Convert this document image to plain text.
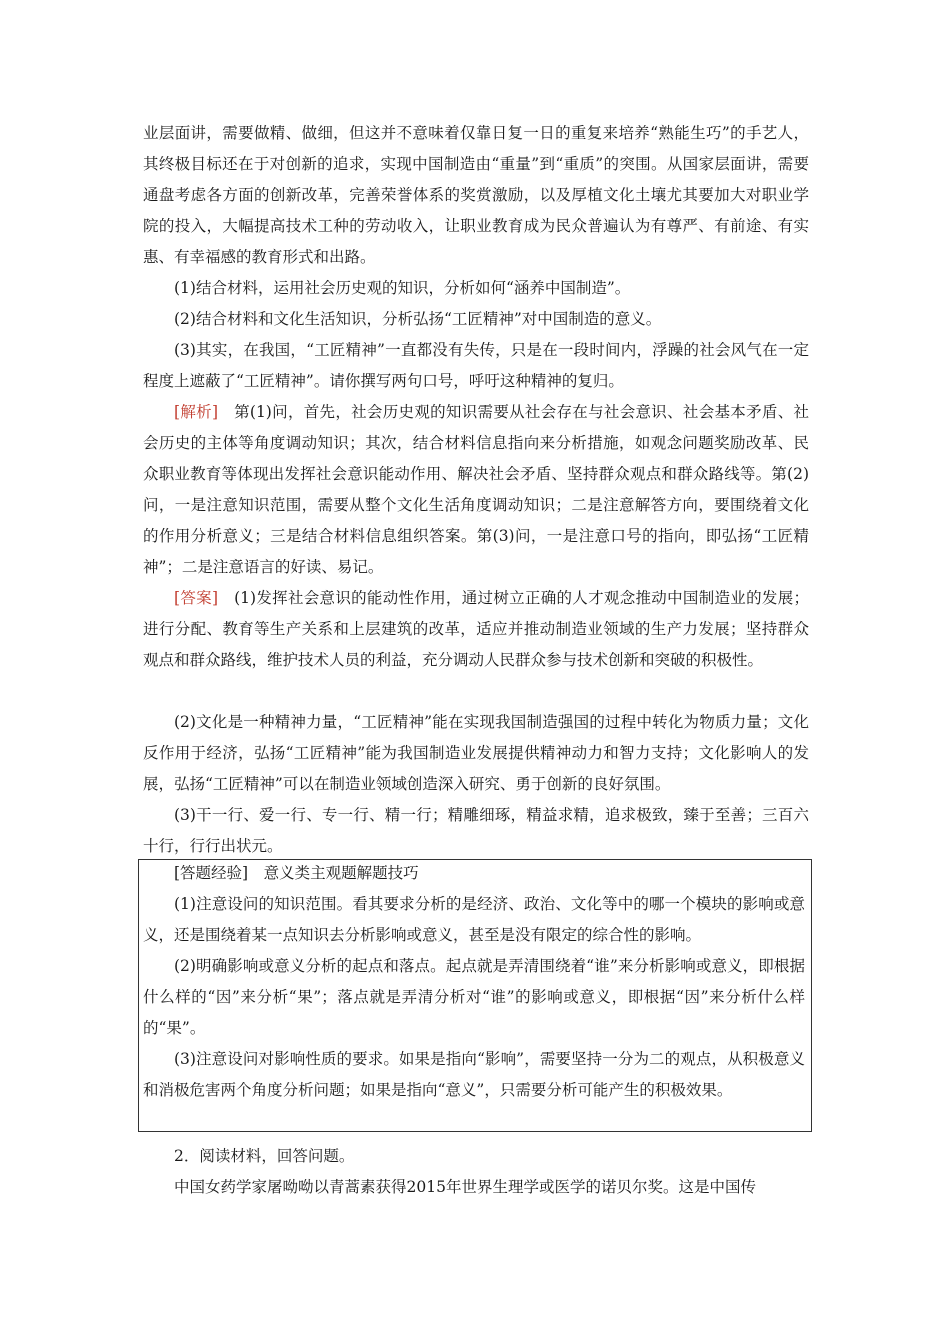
业层面讲，需要做精、做细，但这并不意味着仅靠日复一日的重复来培养“熟能生巧”的手艺人，其终极目标还在于对创新的追求，实现中国制造由“重量”到“重质”的突围。从国家层面讲，需要通盘考虑各方面的创新改革，完善荣誉体系的奖赏激励，以及厚植文化土壤尤其要加大对职业学院的投入，大幅提高技术工种的劳动收入，让职业教育成为民众普遍认为有尊严、有前途、有实惠、有幸福感的教育形式和出路。
(1)结合材料，运用社会历史观的知识，分析如何“涵养中国制造”。
(2)结合材料和文化生活知识，分析弘扬“工匠精神”对中国制造的意义。
(3)其实，在我国，“工匠精神”一直都没有失传，只是在一段时间内，浮躁的社会风气在一定程度上遮蔽了“工匠精神”。请你撰写两句口号，呼吁这种精神的复归。
[解析]　第(1)问，首先，社会历史观的知识需要从社会存在与社会意识、社会基本矛盾、社会历史的主体等角度调动知识；其次，结合材料信息指向来分析措施，如观念问题奖励改革、民众职业教育等体现出发挥社会意识能动作用、解决社会矛盾、坚持群众观点和群众路线等。第(2)问，一是注意知识范围，需要从整个文化生活角度调动知识；二是注意解答方向，要围绕着文化的作用分析意义；三是结合材料信息组织答案。第(3)问，一是注意口号的指向，即弘扬“工匠精神”；二是注意语言的好读、易记。
[答案]　(1)发挥社会意识的能动性作用，通过树立正确的人才观念推动中国制造业的发展；进行分配、教育等生产关系和上层建筑的改革，适应并推动制造业领域的生产力发展；坚持群众观点和群众路线，维护技术人员的利益，充分调动人民群众参与技术创新和突破的积极性。
(2)文化是一种精神力量，“工匠精神”能在实现我国制造强国的过程中转化为物质力量；文化反作用于经济，弘扬“工匠精神”能为我国制造业发展提供精神动力和智力支持；文化影响人的发展，弘扬“工匠精神”可以在制造业领域创造深入研究、勇于创新的良好氛围。
(3)干一行、爱一行、专一行、精一行；精雕细琢，精益求精，追求极致，臻于至善；三百六十行，行行出状元。
[答题经验]　意义类主观题解题技巧
(1)注意设问的知识范围。看其要求分析的是经济、政治、文化等中的哪一个模块的影响或意义，还是围绕着某一点知识去分析影响或意义，甚至是没有限定的综合性的影响。
(2)明确影响或意义分析的起点和落点。起点就是弄清围绕着“谁”来分析影响或意义，即根据什么样的“因”来分析“果”；落点就是弄清分析对“谁”的影响或意义，即根据“因”来分析什么样的“果”。
(3)注意设问对影响性质的要求。如果是指向“影响”，需要坚持一分为二的观点，从积极意义和消极危害两个角度分析问题；如果是指向“意义”，只需要分析可能产生的积极效果。
2．阅读材料，回答问题。
中国女药学家屠呦呦以青蒿素获得2015年世界生理学或医学的诺贝尔奖。这是中国传
